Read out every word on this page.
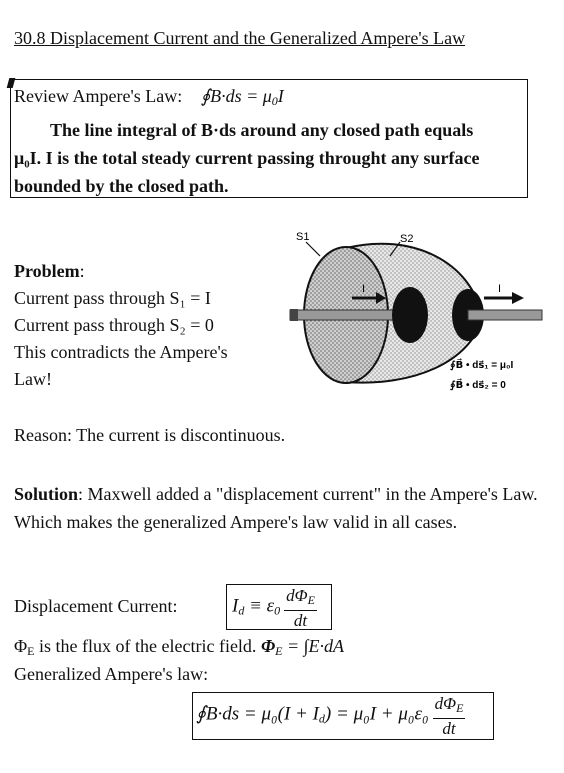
30.8 Displacement Current and the Generalized Ampere's Law
Review Ampere's Law: ∮B·ds = $\mu_0I$
The line integral of B·ds around any closed path equals
μ₀I. I is the total steady current passing throught any surface
bounded by the closed path.
S1	S2
I	I
∮B⃗ • ds⃗₁ = μ₀I
∮B⃗ • ds⃗₂ = 0
Problem:
Current pass through S₁ = I
Current pass through S₂ = 0
This contradicts the Ampere's
Law!
Reason: The current is discontinuous.
Solution: Maxwell added a "displacement current" in the Ampere's Law. Which makes the generalized Ampere's law valid in all cases.
Displacement Current:	$I_d \equiv \varepsilon_0 \frac{d\Phi_E}{dt}$
$\Phi_E$ is the flux of the electric field. $\Phi_E = \int E\cdot dA$
Generalized Ampere's law:
∮B·ds = $\mu_0(I + I_d) = \mu_0I + \mu_0\varepsilon_0 \frac{d\Phi_E}{dt}$
